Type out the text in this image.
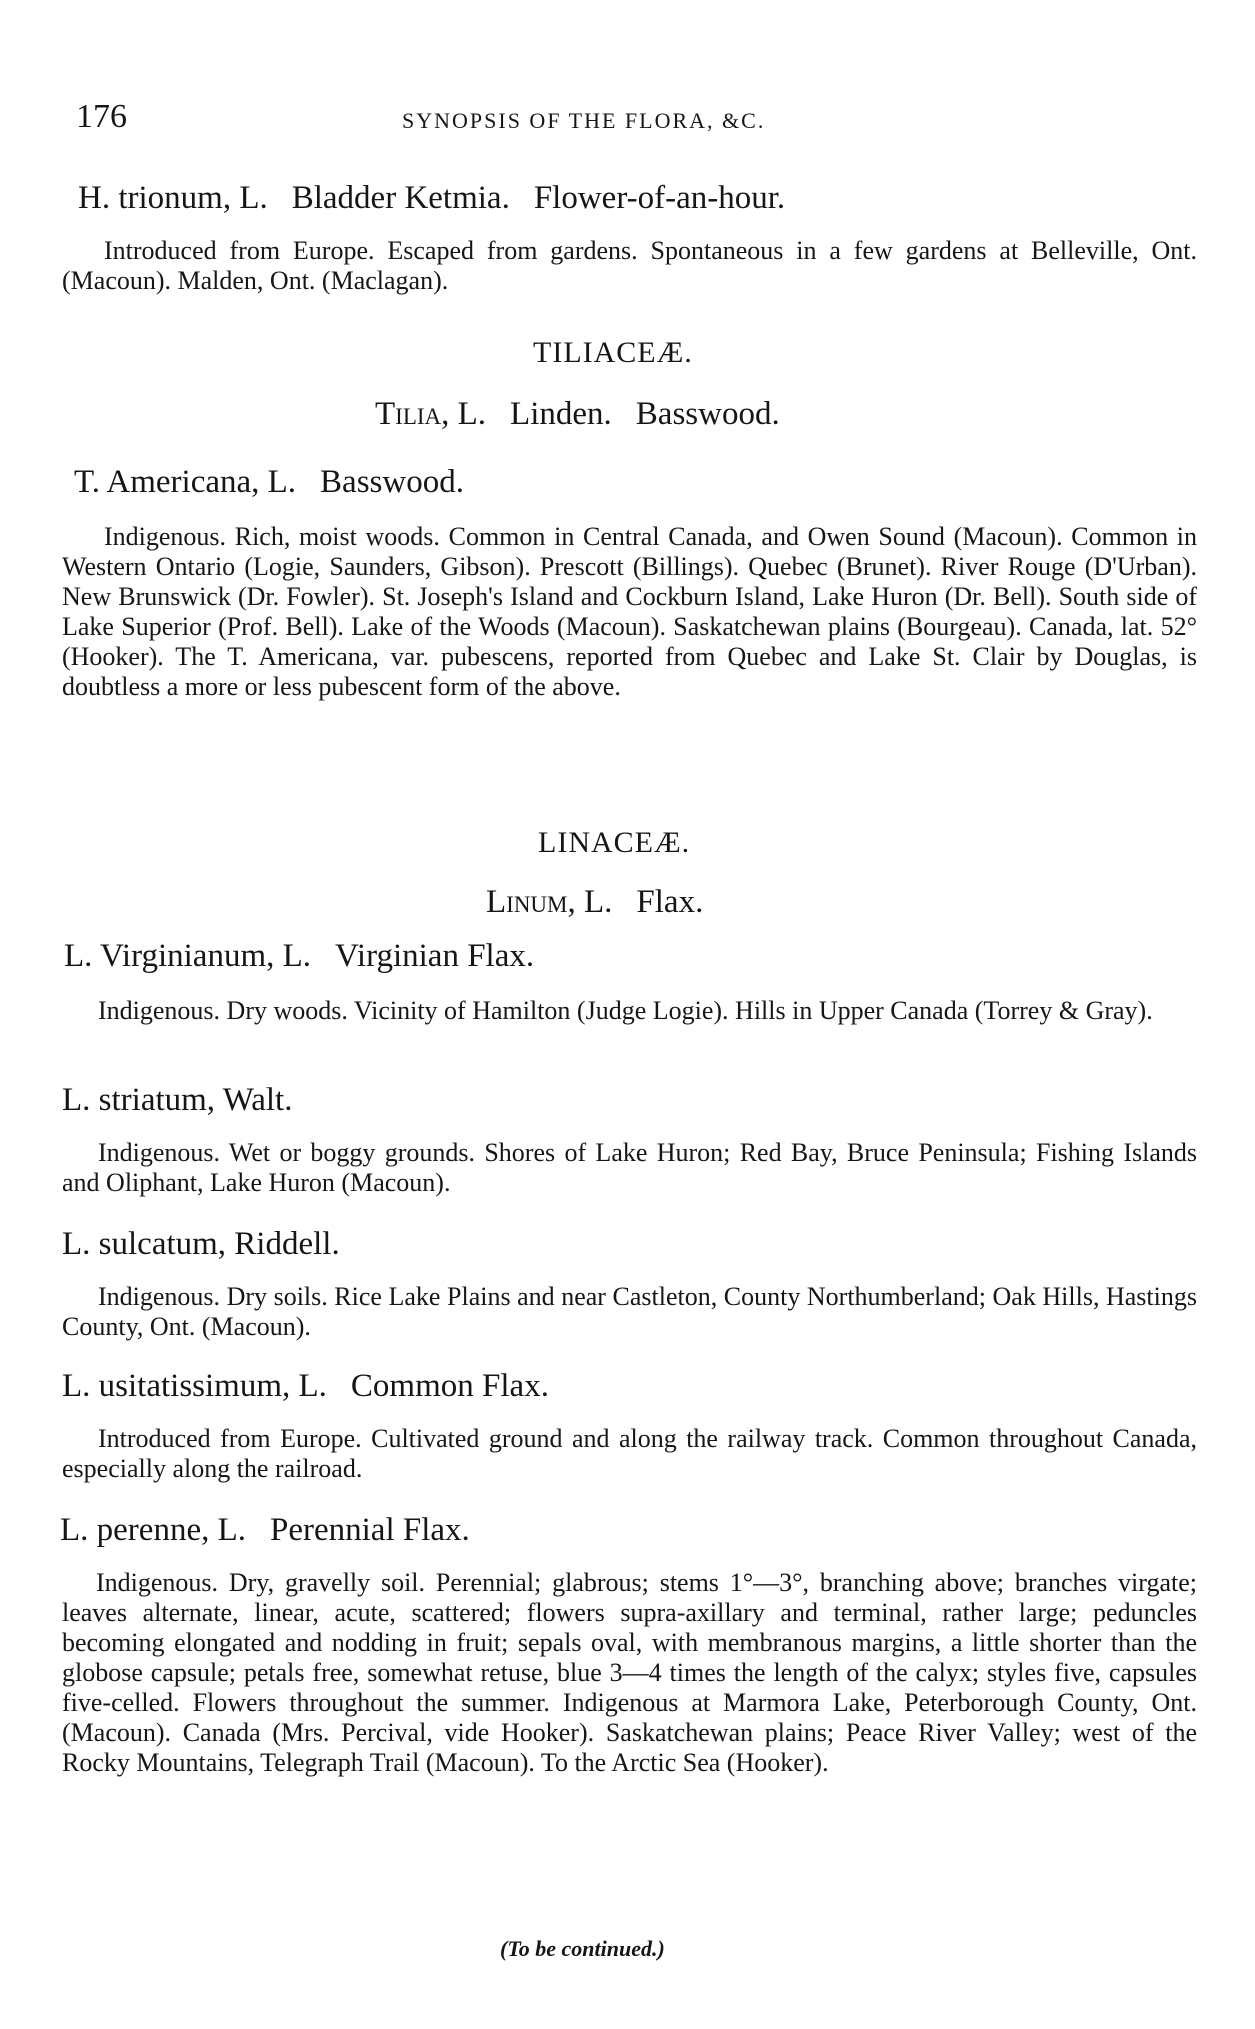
176	SYNOPSIS OF THE FLORA, &C.
H. trionum, L. Bladder Ketmia. Flower-of-an-hour.
Introduced from Europe. Escaped from gardens. Spontaneous in a few gardens at Belleville, Ont. (Macoun). Malden, Ont. (Maclagan).
TILIACEÆ.
Tilia, L. Linden. Basswood.
T. Americana, L. Basswood.
Indigenous. Rich, moist woods. Common in Central Canada, and Owen Sound (Macoun). Common in Western Ontario (Logie, Saunders, Gibson). Prescott (Billings). Quebec (Brunet). River Rouge (D'Urban). New Brunswick (Dr. Fowler). St. Joseph's Island and Cockburn Island, Lake Huron (Dr. Bell). South side of Lake Superior (Prof. Bell). Lake of the Woods (Macoun). Saskatchewan plains (Bourgeau). Canada, lat. 52° (Hooker). The T. Americana, var. pubescens, reported from Quebec and Lake St. Clair by Douglas, is doubtless a more or less pubescent form of the above.
LINACEÆ.
Linum, L. Flax.
L. Virginianum, L. Virginian Flax.
Indigenous. Dry woods. Vicinity of Hamilton (Judge Logie). Hills in Upper Canada (Torrey & Gray).
L. striatum, Walt.
Indigenous. Wet or boggy grounds. Shores of Lake Huron; Red Bay, Bruce Peninsula; Fishing Islands and Oliphant, Lake Huron (Macoun).
L. sulcatum, Riddell.
Indigenous. Dry soils. Rice Lake Plains and near Castleton, County Northumberland; Oak Hills, Hastings County, Ont. (Macoun).
L. usitatissimum, L. Common Flax.
Introduced from Europe. Cultivated ground and along the railway track. Common throughout Canada, especially along the railroad.
L. perenne, L. Perennial Flax.
Indigenous. Dry, gravelly soil. Perennial; glabrous; stems 1°—3°, branching above; branches virgate; leaves alternate, linear, acute, scattered; flowers supra-axillary and terminal, rather large; peduncles becoming elongated and nodding in fruit; sepals oval, with membranous margins, a little shorter than the globose capsule; petals free, somewhat retuse, blue 3—4 times the length of the calyx; styles five, capsules five-celled. Flowers throughout the summer. Indigenous at Marmora Lake, Peterborough County, Ont. (Macoun). Canada (Mrs. Percival, vide Hooker). Saskatchewan plains; Peace River Valley; west of the Rocky Mountains, Telegraph Trail (Macoun). To the Arctic Sea (Hooker).
(To be continued.)
